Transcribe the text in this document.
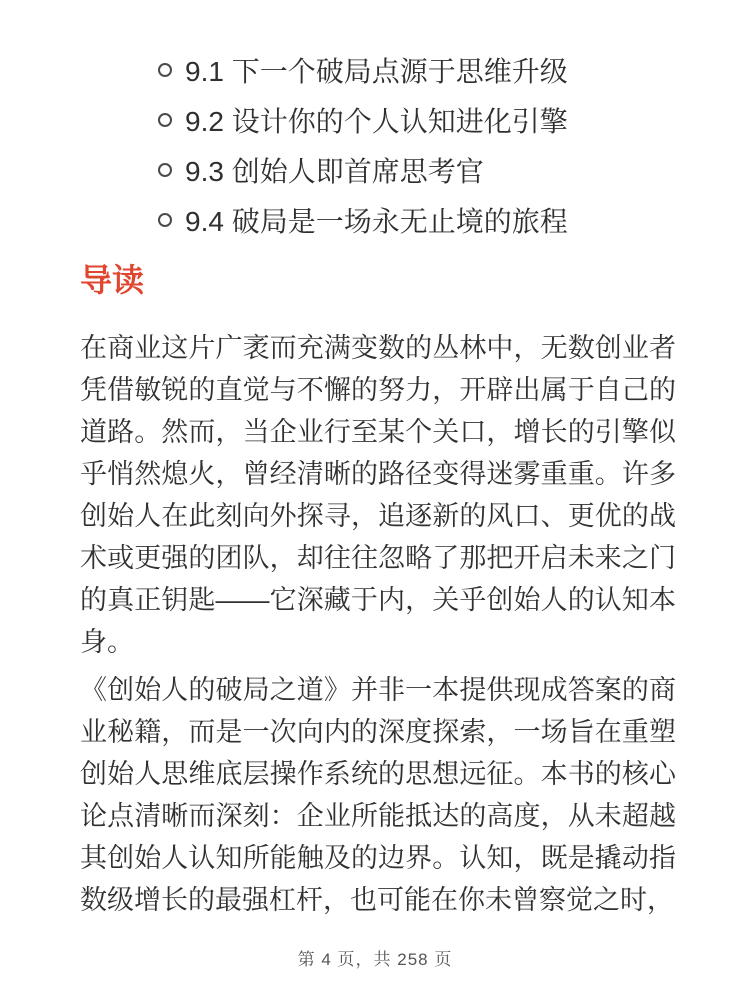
9.1 下一个破局点源于思维升级
9.2 设计你的个人认知进化引擎
9.3 创始人即首席思考官
9.4 破局是一场永无止境的旅程
导读

在商业这片广袤而充满变数的丛林中，无数创业者凭借敏锐的直觉与不懈的努力，开辟出属于自己的道路。然而，当企业行至某个关口，增长的引擎似乎悄然熄火，曾经清晰的路径变得迷雾重重。许多创始人在此刻向外探寻，追逐新的风口、更优的战术或更强的团队，却往往忽略了那把开启未来之门的真正钥匙——它深藏于内，关乎创始人的认知本身。

《创始人的破局之道》并非一本提供现成答案的商业秘籍，而是一次向内的深度探索，一场旨在重塑创始人思维底层操作系统的思想远征。本书的核心论点清晰而深刻：企业所能抵达的高度，从未超越其创始人认知所能触及的边界。认知，既是撬动指数级增长的最强杠杆，也可能在你未曾察觉之时，

第 4 页，共 258 页
